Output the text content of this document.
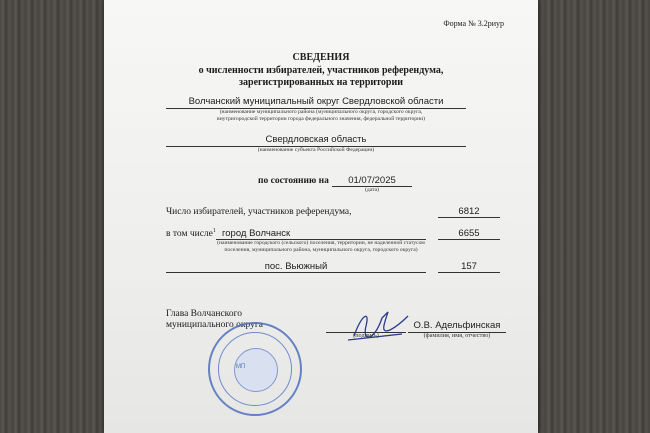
Форма № 3.2риур
СВЕДЕНИЯ
о численности избирателей, участников референдума,
зарегистрированных на территории
Волчанский муниципальный округ Свердловской области
(наименование муниципального района (муниципального округа, городского округа,
внутригородской территории города федерального значения, федеральной территории)
Свердловская область
(наименование субъекта Российской Федерации)
по состоянию на	01/07/2025
(дата)
Число избирателей, участников референдума,	6812
в том числе$^1$ город Волчанск	6655
(наименование городского (сельского) поселения, территории, не наделенной статусом
поселения, муниципального района, муниципального округа, городского округа)
пос. Вьюжный	157
Глава Волчанского
муниципального округа
(подпись)
О.В. Адельфинская
(фамилия, имя, отчество)
МП
